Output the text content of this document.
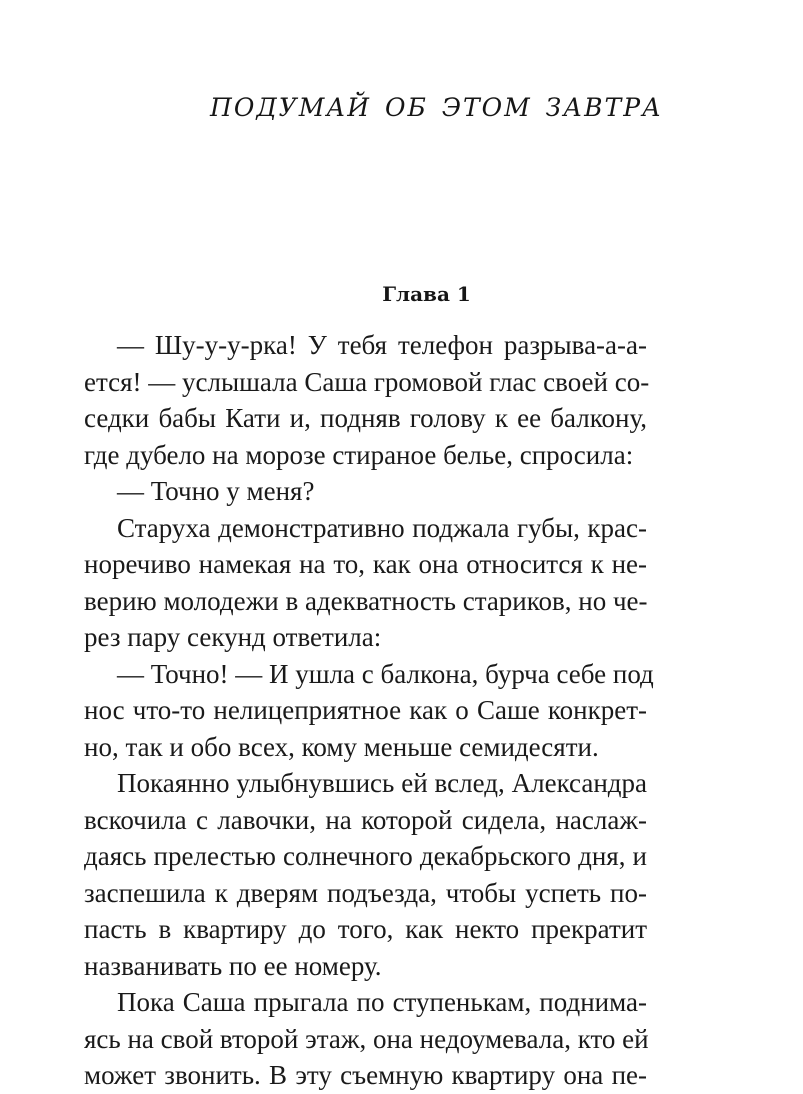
ПОДУМАЙ ОБ ЭТОМ ЗАВТРА
Глава 1
— Шу-у-у-рка! У тебя телефон разрыва-а-а-
ется! — услышала Саша громовой глас своей со-
седки бабы Кати и, подняв голову к ее балкону,
где дубело на морозе стираное белье, спросила:
— Точно у меня?
Старуха демонстративно поджала губы, крас-
норечиво намекая на то, как она относится к не-
верию молодежи в адекватность стариков, но че-
рез пару секунд ответила:
— Точно! — И ушла с балкона, бурча себе под
нос что-то нелицеприятное как о Саше конкрет-
но, так и обо всех, кому меньше семидесяти.
Покаянно улыбнувшись ей вслед, Александра
вскочила с лавочки, на которой сидела, наслаж-
даясь прелестью солнечного декабрьского дня, и
заспешила к дверям подъезда, чтобы успеть по-
пасть в квартиру до того, как некто прекратит
названивать по ее номеру.
Пока Саша прыгала по ступенькам, поднима-
ясь на свой второй этаж, она недоумевала, кто ей
может звонить. В эту съемную квартиру она пе-
